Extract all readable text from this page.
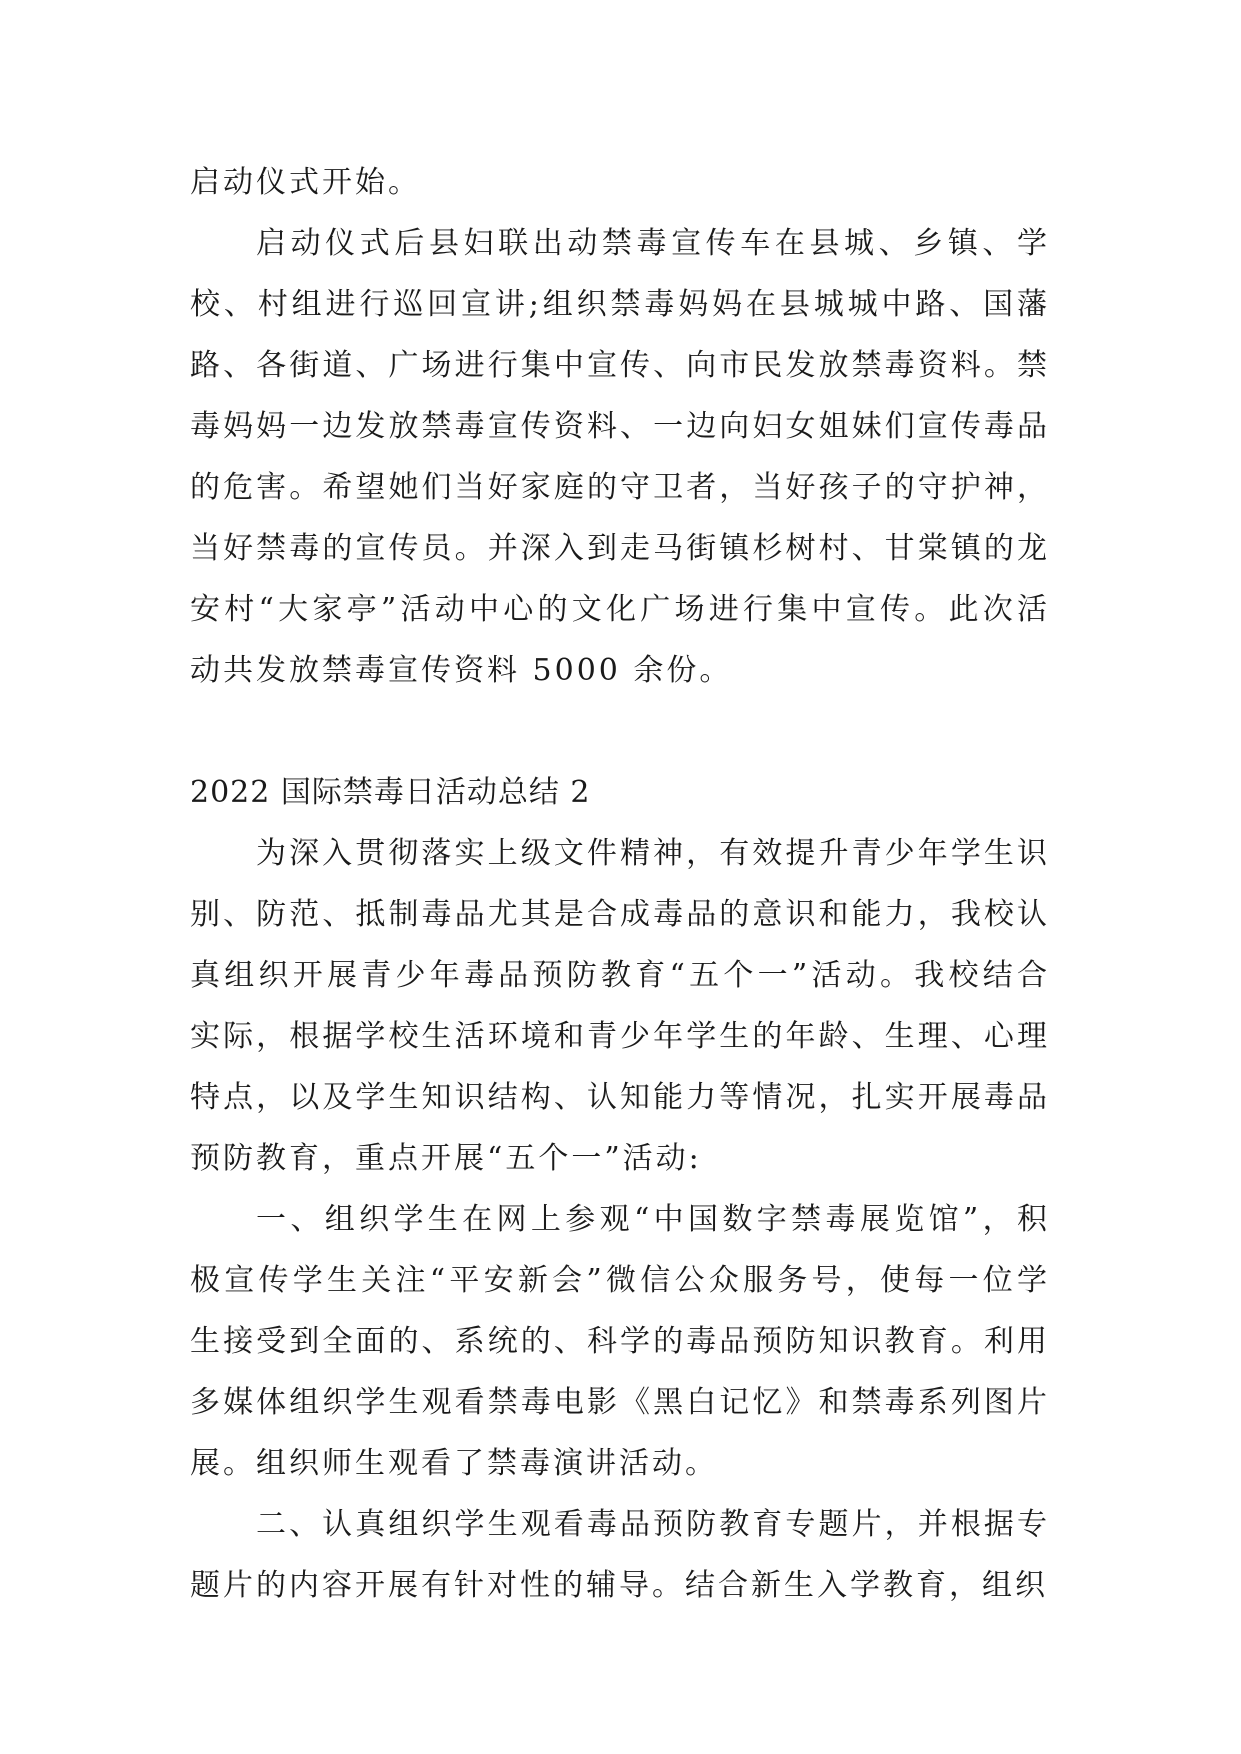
启动仪式开始。

启动仪式后县妇联出动禁毒宣传车在县城、乡镇、学校、村组进行巡回宣讲;组织禁毒妈妈在县城城中路、国藩路、各街道、广场进行集中宣传、向市民发放禁毒资料。禁毒妈妈一边发放禁毒宣传资料、一边向妇女姐妹们宣传毒品的危害。希望她们当好家庭的守卫者，当好孩子的守护神，当好禁毒的宣传员。并深入到走马街镇杉树村、甘棠镇的龙安村“大家亭”活动中心的文化广场进行集中宣传。此次活动共发放禁毒宣传资料 5000 余份。

2022 国际禁毒日活动总结 2

为深入贯彻落实上级文件精神，有效提升青少年学生识别、防范、抵制毒品尤其是合成毒品的意识和能力，我校认真组织开展青少年毒品预防教育“五个一”活动。我校结合实际，根据学校生活环境和青少年学生的年龄、生理、心理特点，以及学生知识结构、认知能力等情况，扎实开展毒品预防教育，重点开展“五个一”活动:

一、组织学生在网上参观“中国数字禁毒展览馆”，积极宣传学生关注“平安新会”微信公众服务号，使每一位学生接受到全面的、系统的、科学的毒品预防知识教育。利用多媒体组织学生观看禁毒电影《黑白记忆》和禁毒系列图片展。组织师生观看了禁毒演讲活动。

二、认真组织学生观看毒品预防教育专题片，并根据专题片的内容开展有针对性的辅导。结合新生入学教育，组织
